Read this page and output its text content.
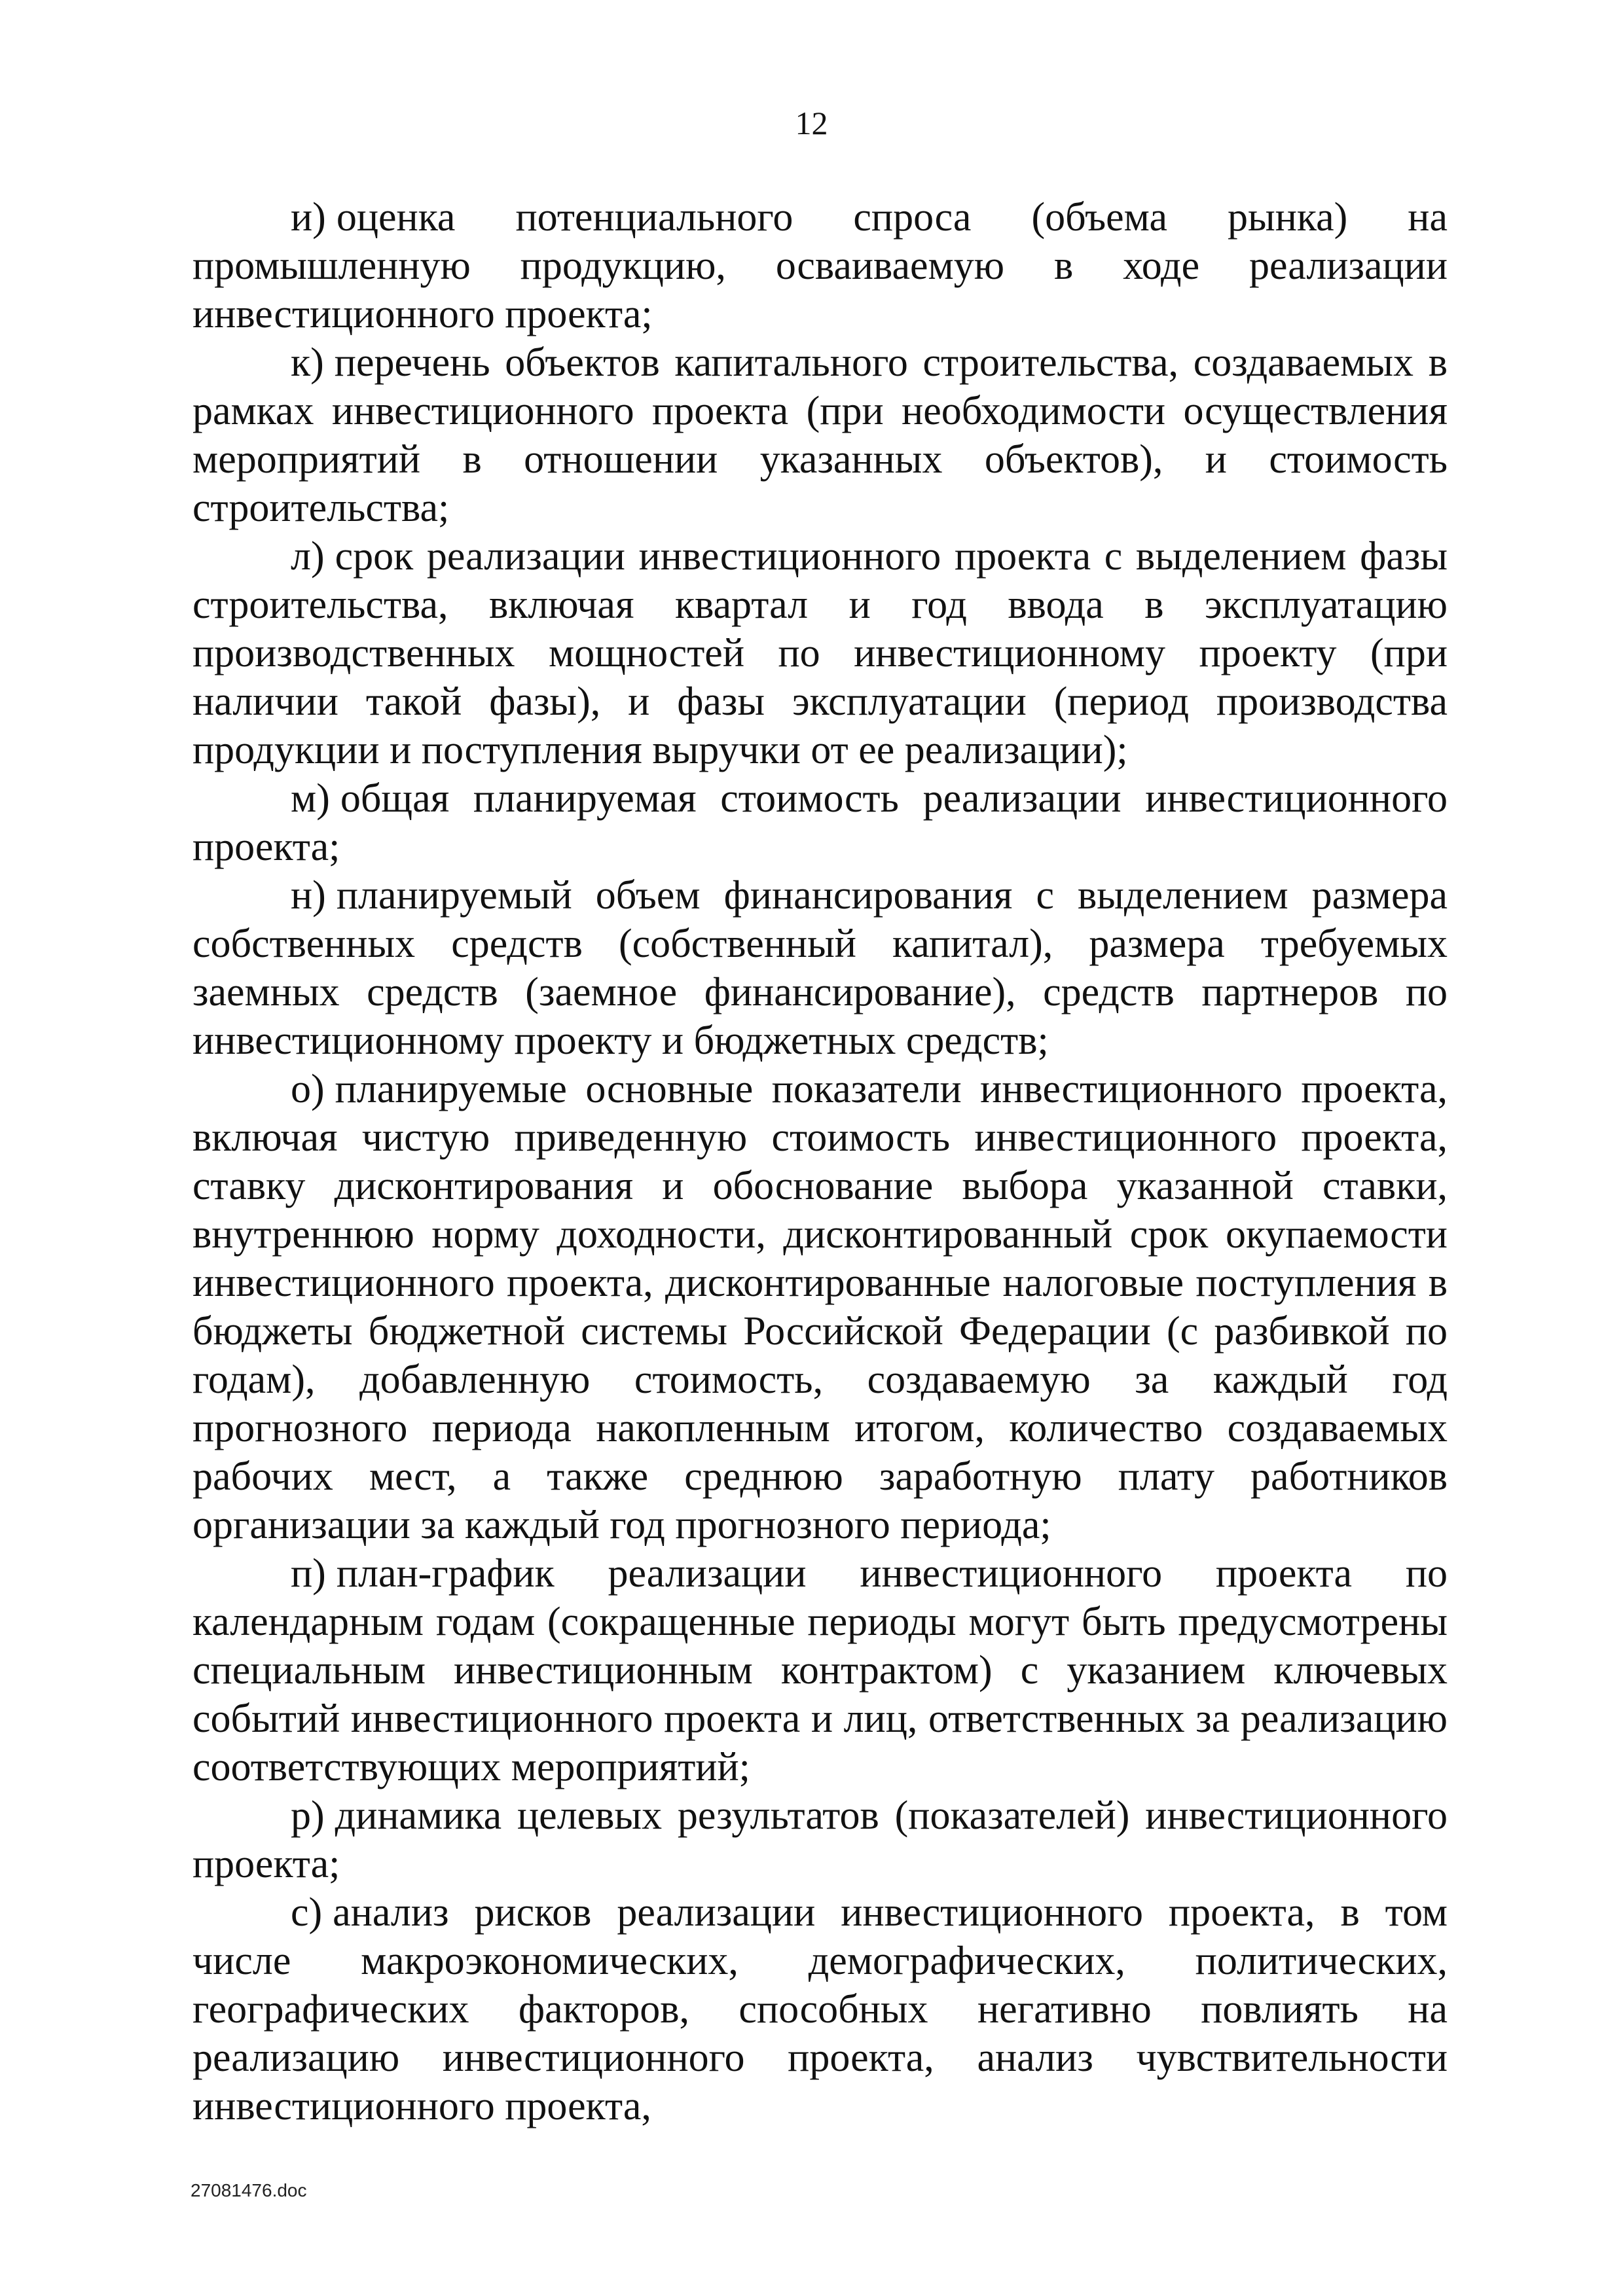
12

и) оценка потенциального спроса (объема рынка) на промышленную продукцию, осваиваемую в ходе реализации инвестиционного проекта;

к) перечень объектов капитального строительства, создаваемых в рамках инвестиционного проекта (при необходимости осуществления мероприятий в отношении указанных объектов), и стоимость строительства;

л) срок реализации инвестиционного проекта с выделением фазы строительства, включая квартал и год ввода в эксплуатацию производственных мощностей по инвестиционному проекту (при наличии такой фазы), и фазы эксплуатации (период производства продукции и поступления выручки от ее реализации);

м) общая планируемая стоимость реализации инвестиционного проекта;

н) планируемый объем финансирования с выделением размера собственных средств (собственный капитал), размера требуемых заемных средств (заемное финансирование), средств партнеров по инвестиционному проекту и бюджетных средств;

о) планируемые основные показатели инвестиционного проекта, включая чистую приведенную стоимость инвестиционного проекта, ставку дисконтирования и обоснование выбора указанной ставки, внутреннюю норму доходности, дисконтированный срок окупаемости инвестиционного проекта, дисконтированные налоговые поступления в бюджеты бюджетной системы Российской Федерации (с разбивкой по годам), добавленную стоимость, создаваемую за каждый год прогнозного периода накопленным итогом, количество создаваемых рабочих мест, а также среднюю заработную плату работников организации за каждый год прогнозного периода;

п) план-график реализации инвестиционного проекта по календарным годам (сокращенные периоды могут быть предусмотрены специальным инвестиционным контрактом) с указанием ключевых событий инвестиционного проекта и лиц, ответственных за реализацию соответствующих мероприятий;

р) динамика целевых результатов (показателей) инвестиционного проекта;

с) анализ рисков реализации инвестиционного проекта, в том числе макроэкономических, демографических, политических, географических факторов, способных негативно повлиять на реализацию инвестиционного проекта, анализ чувствительности инвестиционного проекта,

27081476.doc
